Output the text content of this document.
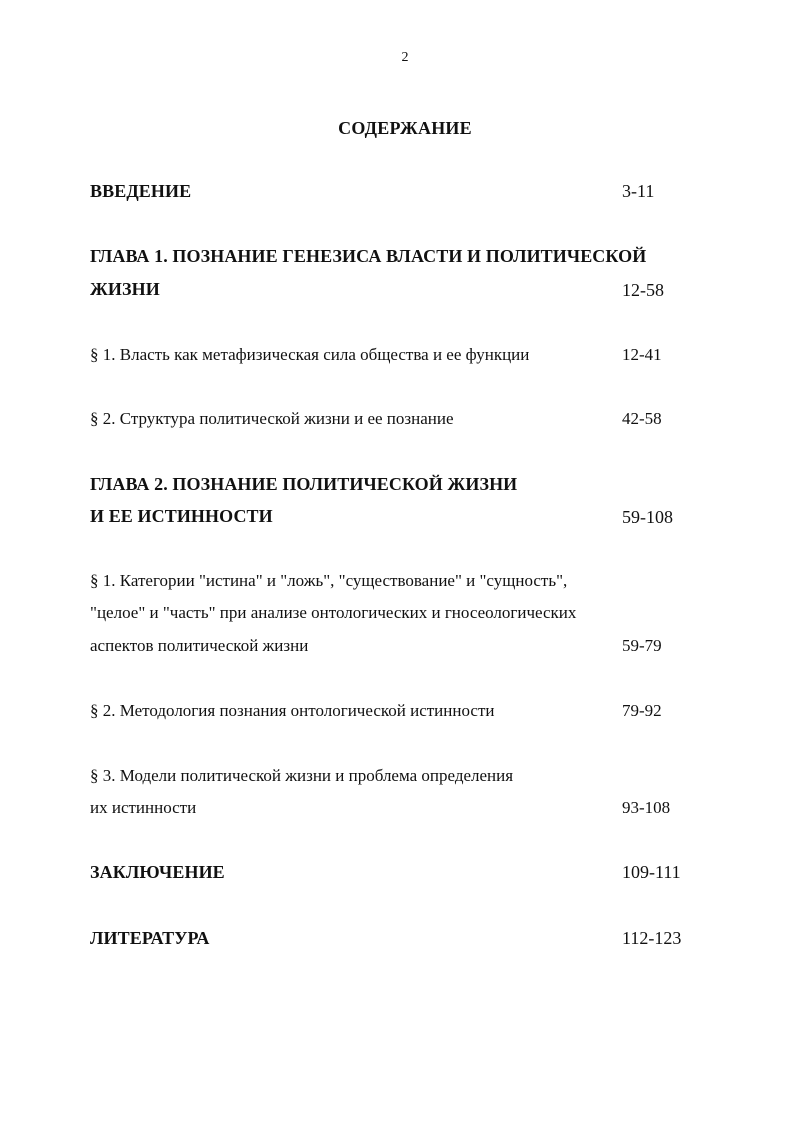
2
СОДЕРЖАНИЕ
ВВЕДЕНИЕ	3-11
ГЛАВА 1. ПОЗНАНИЕ ГЕНЕЗИСА ВЛАСТИ И ПОЛИТИЧЕСКОЙ
ЖИЗНИ	12-58
§ 1. Власть как метафизическая сила общества и ее функции	12-41
§ 2. Структура политической жизни и ее познание	42-58
ГЛАВА 2. ПОЗНАНИЕ ПОЛИТИЧЕСКОЙ ЖИЗНИ
И ЕЕ ИСТИННОСТИ	59-108
§ 1. Категории "истина" и "ложь", "существование" и "сущность",
"целое" и "часть" при анализе онтологических и гносеологических
аспектов политической жизни	59-79
§ 2. Методология познания онтологической истинности	79-92
§ 3. Модели политической жизни и проблема определения
их истинности	93-108
ЗАКЛЮЧЕНИЕ	109-111
ЛИТЕРАТУРА	112-123
